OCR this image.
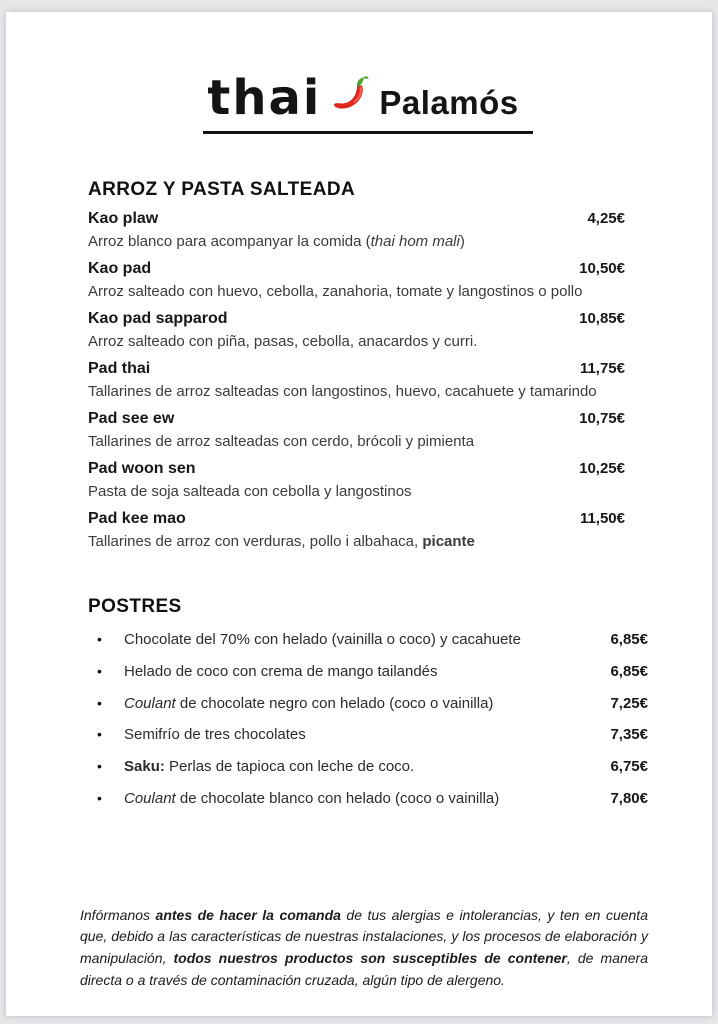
thai Palamós
ARROZ Y PASTA SALTEADA
Kao plaw	4,25€
Arroz blanco para acompanyar la comida (thai hom mali)
Kao pad	10,50€
Arroz salteado con huevo, cebolla, zanahoria, tomate y langostinos o pollo
Kao pad sapparod	10,85€
Arroz salteado con piña, pasas, cebolla, anacardos y curri.
Pad thai	11,75€
Tallarines de arroz salteadas con langostinos, huevo, cacahuete y tamarindo
Pad see ew	10,75€
Tallarines de arroz salteadas con cerdo, brócoli y pimienta
Pad woon sen	10,25€
Pasta de soja salteada con cebolla y langostinos
Pad kee mao	11,50€
Tallarines de arroz con verduras, pollo i albahaca, picante
POSTRES
•	Chocolate del 70% con helado (vainilla o coco) y cacahuete	6,85€
•	Helado de coco con crema de mango tailandés	6,85€
•	Coulant de chocolate negro con helado (coco o vainilla)	7,25€
•	Semifrío de tres chocolates	7,35€
•	Saku: Perlas de tapioca con leche de coco.	6,75€
•	Coulant de chocolate blanco con helado (coco o vainilla)	7,80€

Infórmanos antes de hacer la comanda de tus alergias e intolerancias, y ten en cuenta que, debido a las características de nuestras instalaciones, y los procesos de elaboración y manipulación, todos nuestros productos son susceptibles de contener, de manera directa o a través de contaminación cruzada, algún tipo de alergeno.
